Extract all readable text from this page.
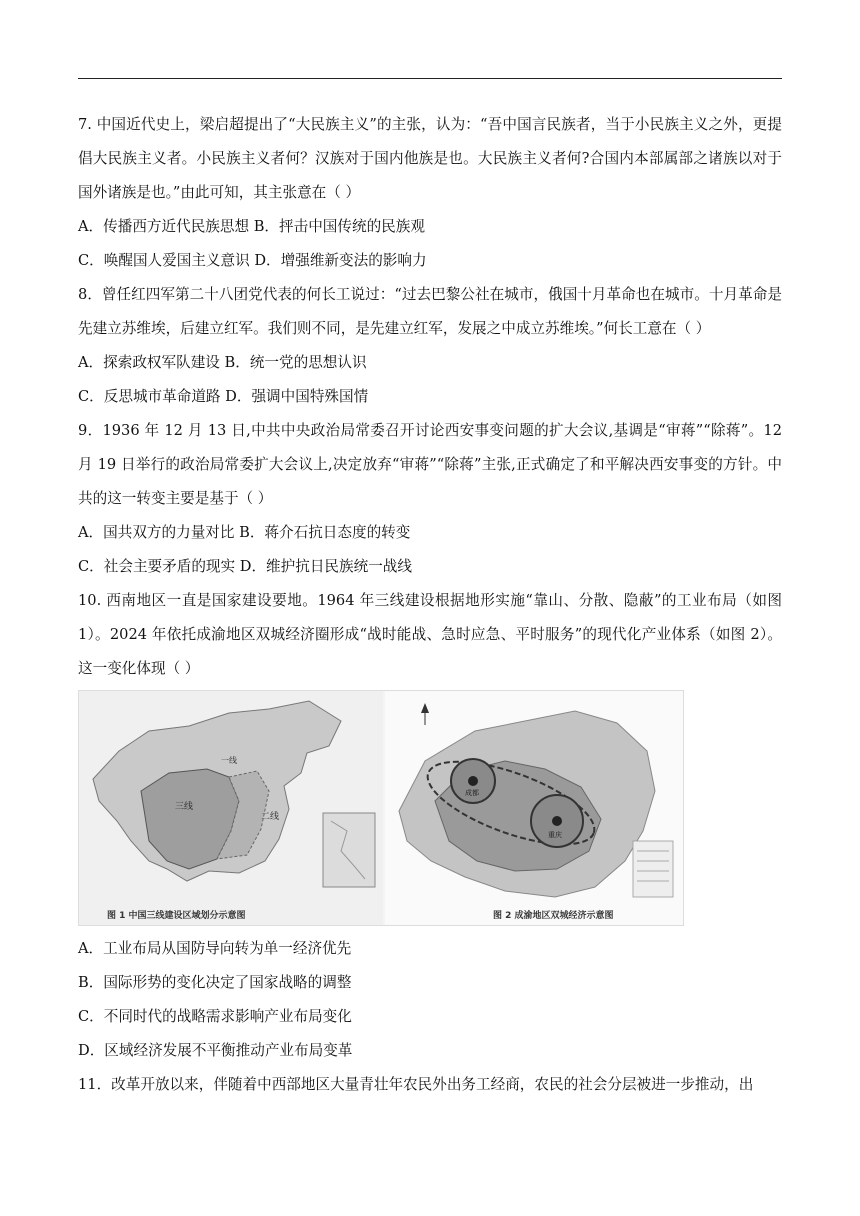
7. 中国近代史上，梁启超提出了“大民族主义”的主张，认为：“吾中国言民族者，当于小民族主义之外，更提倡大民族主义者。小民族主义者何？汉族对于国内他族是也。大民族主义者何?合国内本部属部之诸族以对于国外诸族是也。”由此可知，其主张意在（ ）

A．传播西方近代民族思想 B．抨击中国传统的民族观
C．唤醒国人爱国主义意识 D．增强维新变法的影响力

8．曾任红四军第二十八团党代表的何长工说过：“过去巴黎公社在城市，俄国十月革命也在城市。十月革命是先建立苏维埃，后建立红军。我们则不同，是先建立红军，发展之中成立苏维埃。”何长工意在（ ）

A．探索政权军队建设 B．统一党的思想认识
C．反思城市革命道路 D．强调中国特殊国情

9．1936 年 12 月 13 日,中共中央政治局常委召开讨论西安事变问题的扩大会议,基调是“审蒋”“除蒋”。12 月 19 日举行的政治局常委扩大会议上,决定放弃“审蒋”“除蒋”主张,正式确定了和平解决西安事变的方针。中共的这一转变主要是基于（ ）

A．国共双方的力量对比 B．蒋介石抗日态度的转变
C．社会主要矛盾的现实 D．维护抗日民族统一战线

10. 西南地区一直是国家建设要地。1964 年三线建设根据地形实施“靠山、分散、隐蔽”的工业布局（如图 1）。2024 年依托成渝地区双城经济圈形成“战时能战、急时应急、平时服务”的现代化产业体系（如图 2）。这一变化体现（ ）

一线
三线
二线
图 1 中国三线建设区域划分示意图
成都
重庆
图 2 成渝地区双城经济示意图
A．工业布局从国防导向转为单一经济优先
B．国际形势的变化决定了国家战略的调整
C．不同时代的战略需求影响产业布局变化
D．区域经济发展不平衡推动产业布局变革

11．改革开放以来，伴随着中西部地区大量青壮年农民外出务工经商，农民的社会分层被进一步推动，出
